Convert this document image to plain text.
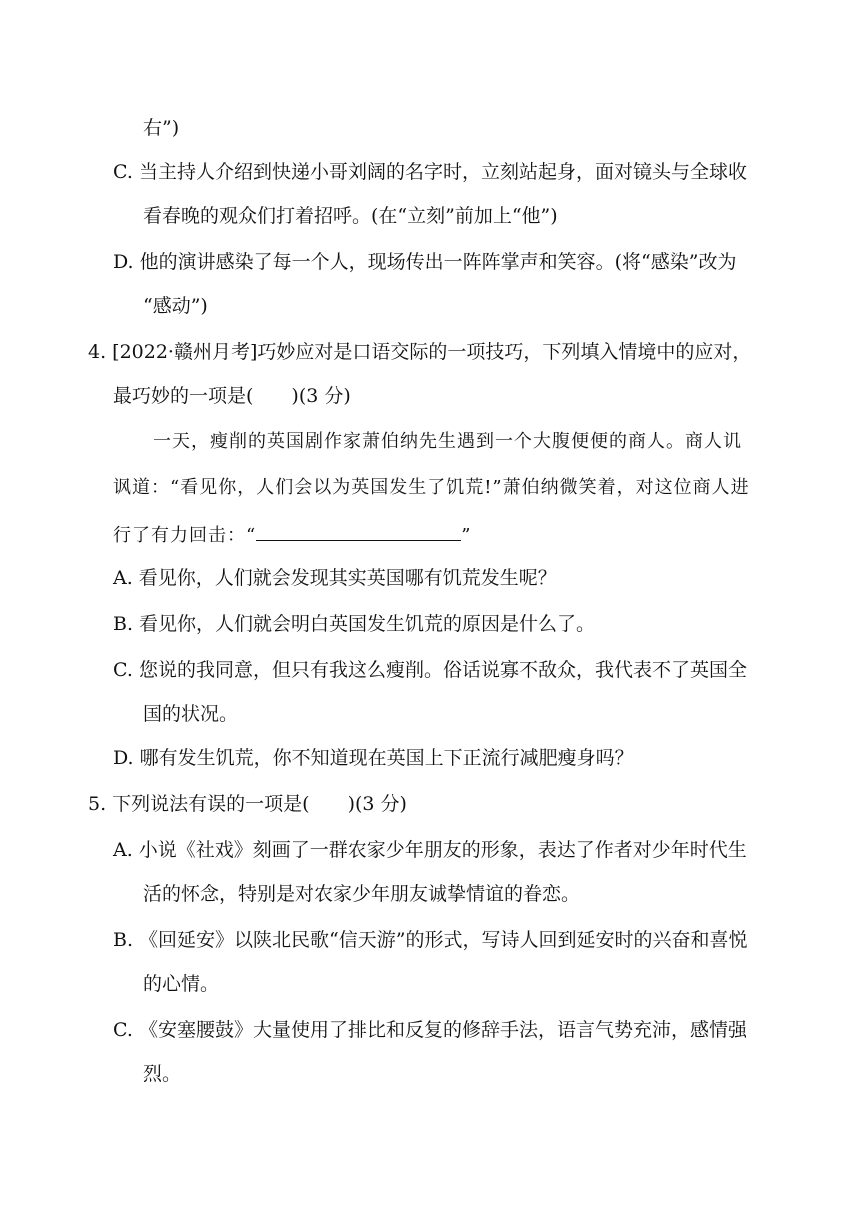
右”)
C. 当主持人介绍到快递小哥刘阔的名字时，立刻站起身，面对镜头与全球收
看春晚的观众们打着招呼。(在“立刻”前加上“他”)
D. 他的演讲感染了每一个人，现场传出一阵阵掌声和笑容。(将“感染”改为
“感动”)
4. [2022·赣州月考]巧妙应对是口语交际的一项技巧，下列填入情境中的应对，
最巧妙的一项是(　　)(3 分)
一天，瘦削的英国剧作家萧伯纳先生遇到一个大腹便便的商人。商人讥
讽道：“看见你，人们会以为英国发生了饥荒!”萧伯纳微笑着，对这位商人进
行了有力回击：“	”
A. 看见你，人们就会发现其实英国哪有饥荒发生呢？
B. 看见你，人们就会明白英国发生饥荒的原因是什么了。
C. 您说的我同意，但只有我这么瘦削。俗话说寡不敌众，我代表不了英国全
国的状况。
D. 哪有发生饥荒，你不知道现在英国上下正流行减肥瘦身吗？
5. 下列说法有误的一项是(　　)(3 分)
A. 小说《社戏》刻画了一群农家少年朋友的形象，表达了作者对少年时代生
活的怀念，特别是对农家少年朋友诚挚情谊的眷恋。
B. 《回延安》以陕北民歌“信天游”的形式，写诗人回到延安时的兴奋和喜悦
的心情。
C. 《安塞腰鼓》大量使用了排比和反复的修辞手法，语言气势充沛，感情强
烈。
